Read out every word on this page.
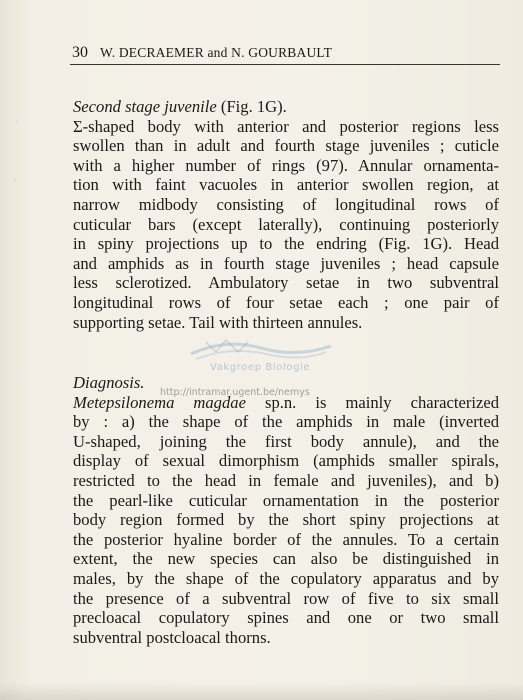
·
·
30 W. DECRAEMER and N. GOURBAULT
Vakgroep Biologie
Second stage juvenile (Fig. 1G).
Σ-shaped body with anterior and posterior regions less
swollen than in adult and fourth stage juveniles ; cuticle
with a higher number of rings (97). Annular ornamenta-
tion with faint vacuoles in anterior swollen region, at
narrow midbody consisting of longitudinal rows of
cuticular bars (except laterally), continuing posteriorly
in spiny projections up to the endring (Fig. 1G). Head
and amphids as in fourth stage juveniles ; head capsule
less sclerotized. Ambulatory setae in two subventral
longitudinal rows of four setae each ; one pair of
supporting setae. Tail with thirteen annules.
Diagnosis.
Metepsilonema magdae sp.n. is mainly characterized
by : a) the shape of the amphids in male (inverted
U-shaped, joining the first body annule), and the
display of sexual dimorphism (amphids smaller spirals,
restricted to the head in female and juveniles), and b)
the pearl-like cuticular ornamentation in the posterior
body region formed by the short spiny projections at
the posterior hyaline border of the annules. To a certain
extent, the new species can also be distinguished in
males, by the shape of the copulatory apparatus and by
the presence of a subventral row of five to six small
precloacal copulatory spines and one or two small
subventral postcloacal thorns.
http://intramar.ugent.be/nemys
